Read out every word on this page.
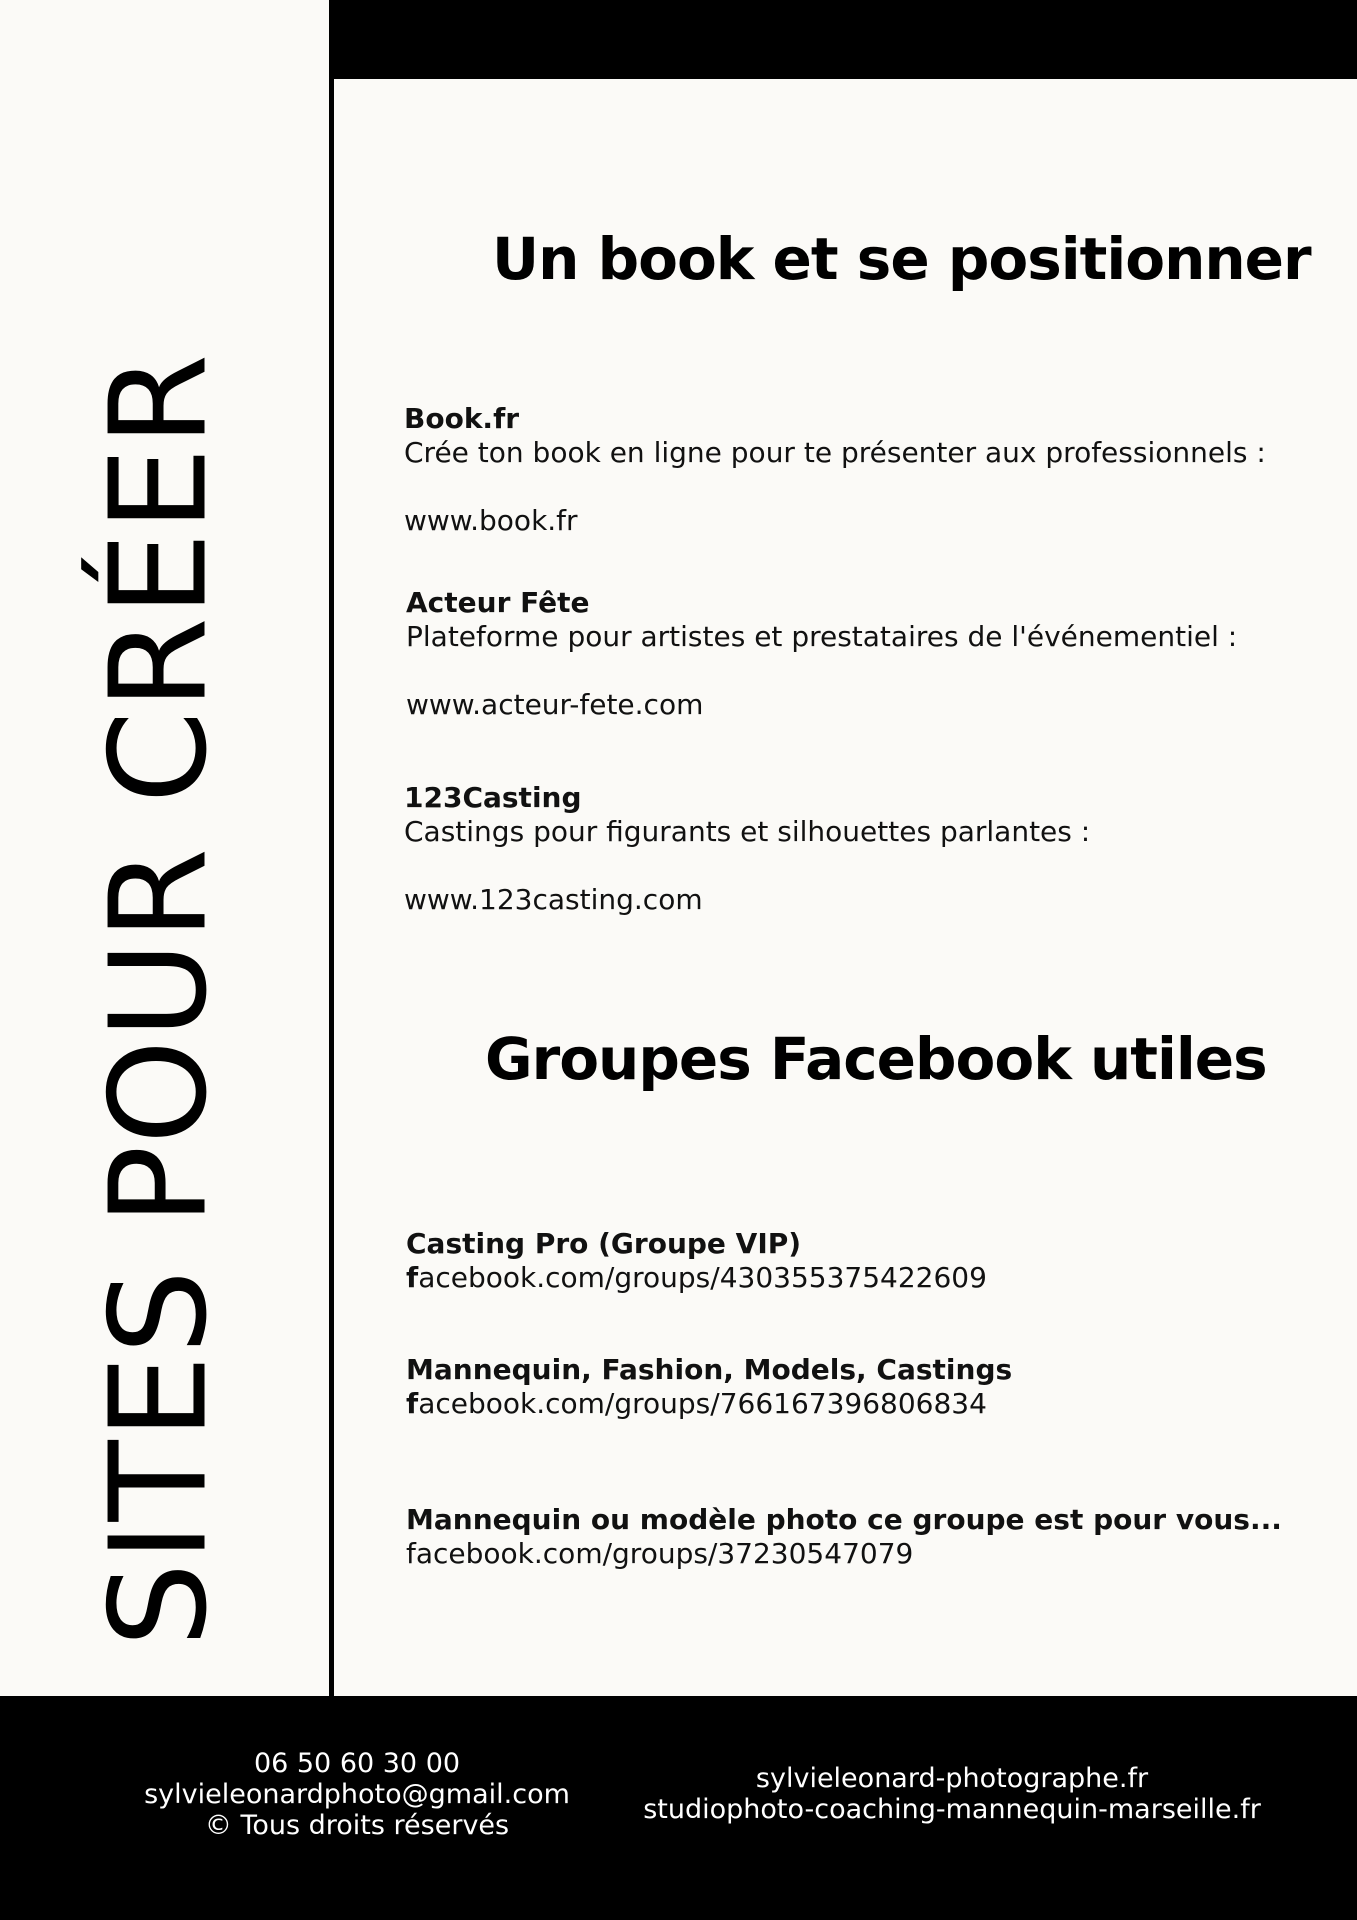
SITES POUR CRÉER
Un book et se positionner
Book.fr
Crée ton book en ligne pour te présenter aux professionnels :
www.book.fr
Acteur Fête
Plateforme pour artistes et prestataires de l'événementiel :
www.acteur-fete.com
123Casting
Castings pour figurants et silhouettes parlantes :
www.123casting.com
Groupes Facebook utiles
Casting Pro (Groupe VIP)
facebook.com/groups/430355375422609
Mannequin, Fashion, Models, Castings
facebook.com/groups/766167396806834
Mannequin ou modèle photo ce groupe est pour vous...
facebook.com/groups/37230547079
06 50 60 30 00
sylvieleonardphoto@gmail.com
© Tous droits réservés
sylvieleonard-photographe.fr
studiophoto-coaching-mannequin-marseille.fr
